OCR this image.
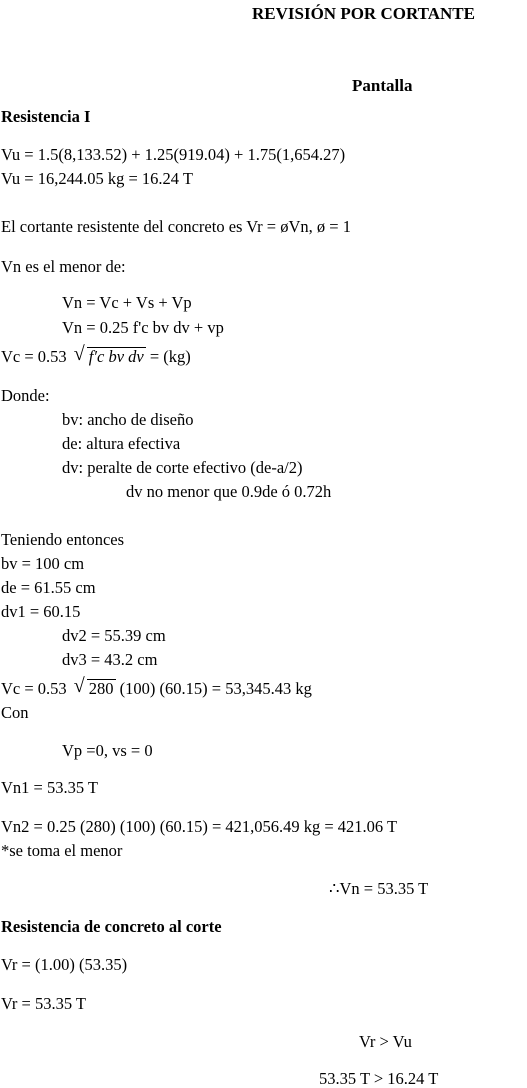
REVISIÓN POR CORTANTE
Pantalla
Resistencia I
Vu = 1.5(8,133.52) + 1.25(919.04) + 1.75(1,654.27)
Vu = 16,244.05 kg = 16.24 T
El cortante resistente del concreto es Vr = øVn, ø = 1
Vn es el menor de:
Vn = Vc + Vs + Vp
Vn = 0.25 f'c bv dv + vp
Vc = 0.53 √ f′c bv dv = (kg)
Donde:
bv: ancho de diseño
de: altura efectiva
dv: peralte de corte efectivo (de-a/2)
dv no menor que 0.9de ó 0.72h
Teniendo entonces
bv = 100 cm
de = 61.55 cm
dv1 = 60.15
dv2 = 55.39 cm
dv3 = 43.2 cm
Vc = 0.53 √ 280 (100) (60.15) = 53,345.43 kg
Con
Vp =0, vs = 0
Vn1 = 53.35 T
Vn2 = 0.25 (280) (100) (60.15) = 421,056.49 kg = 421.06 T
*se toma el menor
∴Vn = 53.35 T
Resistencia de concreto al corte
Vr = (1.00) (53.35)
Vr = 53.35 T
Vr > Vu
53.35 T > 16.24 T
